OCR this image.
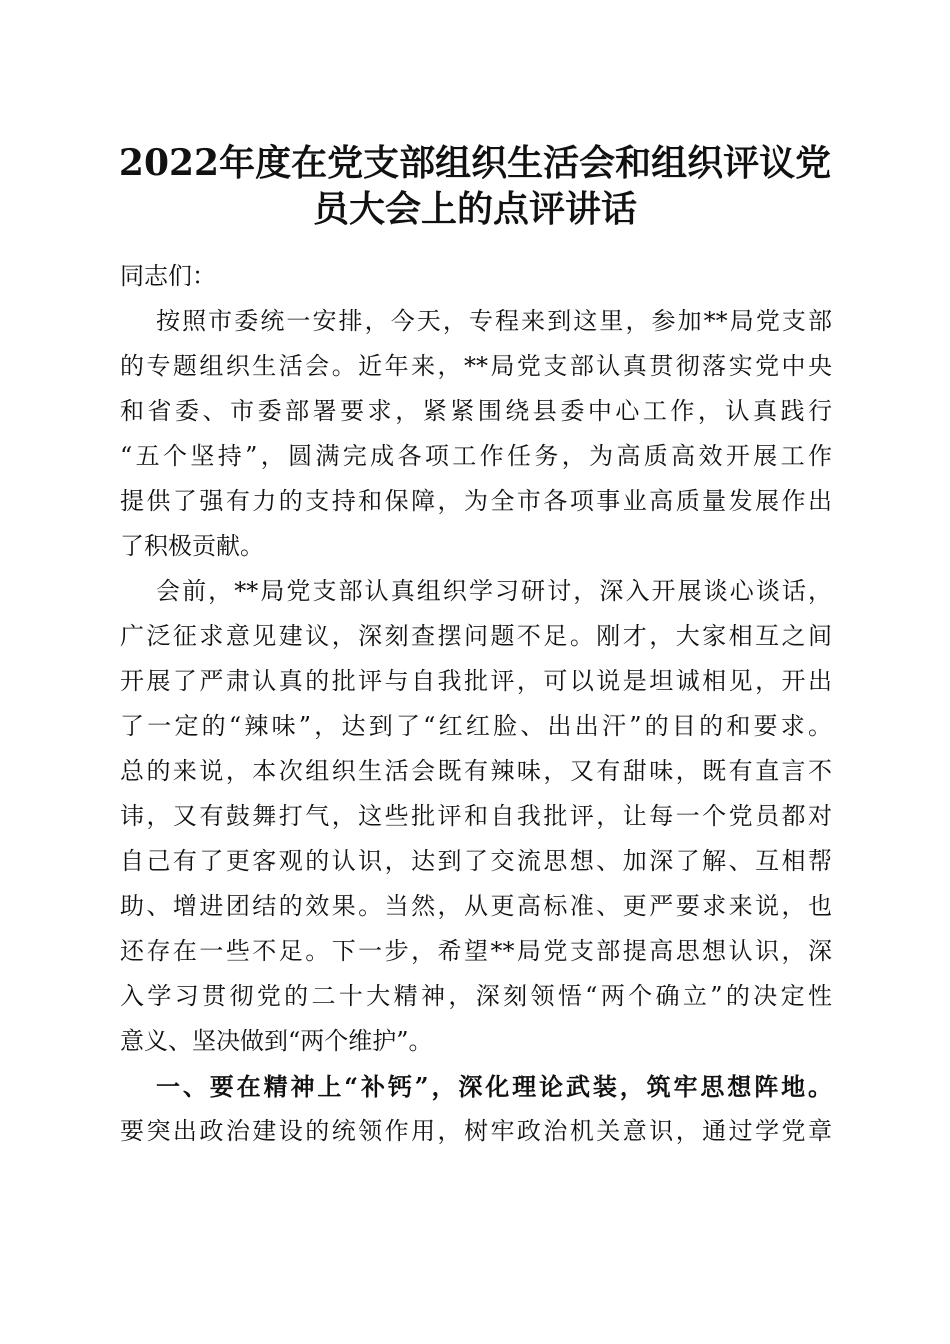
2022年度在党支部组织生活会和组织评议党
员大会上的点评讲话
同志们：
按照市委统一安排，今天，专程来到这里，参加**局党支部
的专题组织生活会。近年来，**局党支部认真贯彻落实党中央
和省委、市委部署要求，紧紧围绕县委中心工作，认真践行
“五个坚持”，圆满完成各项工作任务，为高质高效开展工作
提供了强有力的支持和保障，为全市各项事业高质量发展作出
了积极贡献。
会前，**局党支部认真组织学习研讨，深入开展谈心谈话，
广泛征求意见建议，深刻查摆问题不足。刚才，大家相互之间
开展了严肃认真的批评与自我批评，可以说是坦诚相见，开出
了一定的“辣味”，达到了“红红脸、出出汗”的目的和要求。
总的来说，本次组织生活会既有辣味，又有甜味，既有直言不
讳，又有鼓舞打气，这些批评和自我批评，让每一个党员都对
自己有了更客观的认识，达到了交流思想、加深了解、互相帮
助、增进团结的效果。当然，从更高标准、更严要求来说，也
还存在一些不足。下一步，希望**局党支部提高思想认识，深
入学习贯彻党的二十大精神，深刻领悟“两个确立”的决定性
意义、坚决做到“两个维护”。
一、要在精神上“补钙”，深化理论武装，筑牢思想阵地。
要突出政治建设的统领作用，树牢政治机关意识，通过学党章
